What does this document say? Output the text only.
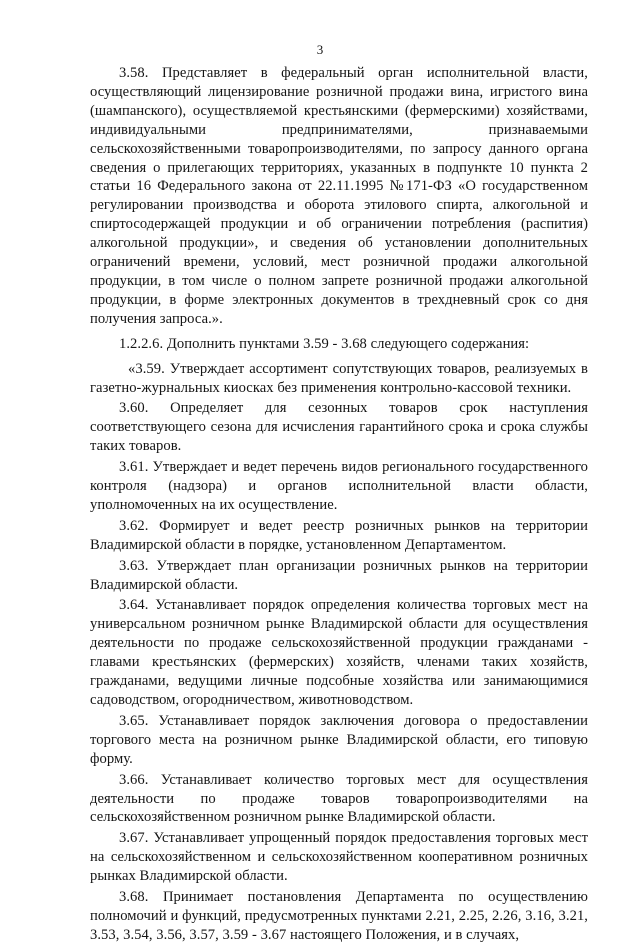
3

3.58. Представляет в федеральный орган исполнительной власти, осуществляющий лицензирование розничной продажи вина, игристого вина (шампанского), осуществляемой крестьянскими (фермерскими) хозяйствами, индивидуальными предпринимателями, признаваемыми сельскохозяйственными товаропроизводителями, по запросу данного органа сведения о прилегающих территориях, указанных в подпункте 10 пункта 2 статьи 16 Федерального закона от 22.11.1995 №171-ФЗ «О государственном регулировании производства и оборота этилового спирта, алкогольной и спиртосодержащей продукции и об ограничении потребления (распития) алкогольной продукции», и сведения об установлении дополнительных ограничений времени, условий, мест розничной продажи алкогольной продукции, в том числе о полном запрете розничной продажи алкогольной продукции, в форме электронных документов в трехдневный срок со дня получения запроса.».

1.2.2.6. Дополнить пунктами 3.59 - 3.68 следующего содержания:

«3.59. Утверждает ассортимент сопутствующих товаров, реализуемых в газетно-журнальных киосках без применения контрольно-кассовой техники.

3.60. Определяет для сезонных товаров срок наступления соответствующего сезона для исчисления гарантийного срока и срока службы таких товаров.

3.61. Утверждает и ведет перечень видов регионального государственного контроля (надзора) и органов исполнительной власти области, уполномоченных на их осуществление.

3.62. Формирует и ведет реестр розничных рынков на территории Владимирской области в порядке, установленном Департаментом.

3.63. Утверждает план организации розничных рынков на территории Владимирской области.

3.64. Устанавливает порядок определения количества торговых мест на универсальном розничном рынке Владимирской области для осуществления деятельности по продаже сельскохозяйственной продукции гражданами - главами крестьянских (фермерских) хозяйств, членами таких хозяйств, гражданами, ведущими личные подсобные хозяйства или занимающимися садоводством, огородничеством, животноводством.

3.65. Устанавливает порядок заключения договора о предоставлении торгового места на розничном рынке Владимирской области, его типовую форму.

3.66. Устанавливает количество торговых мест для осуществления деятельности по продаже товаров товаропроизводителями на сельскохозяйственном розничном рынке Владимирской области.

3.67. Устанавливает упрощенный порядок предоставления торговых мест на сельскохозяйственном и сельскохозяйственном кооперативном розничных рынках Владимирской области.

3.68. Принимает постановления Департамента по осуществлению полномочий и функций, предусмотренных пунктами 2.21, 2.25, 2.26, 3.16, 3.21, 3.53, 3.54, 3.56, 3.57, 3.59 - 3.67 настоящего Положения, и в случаях,
